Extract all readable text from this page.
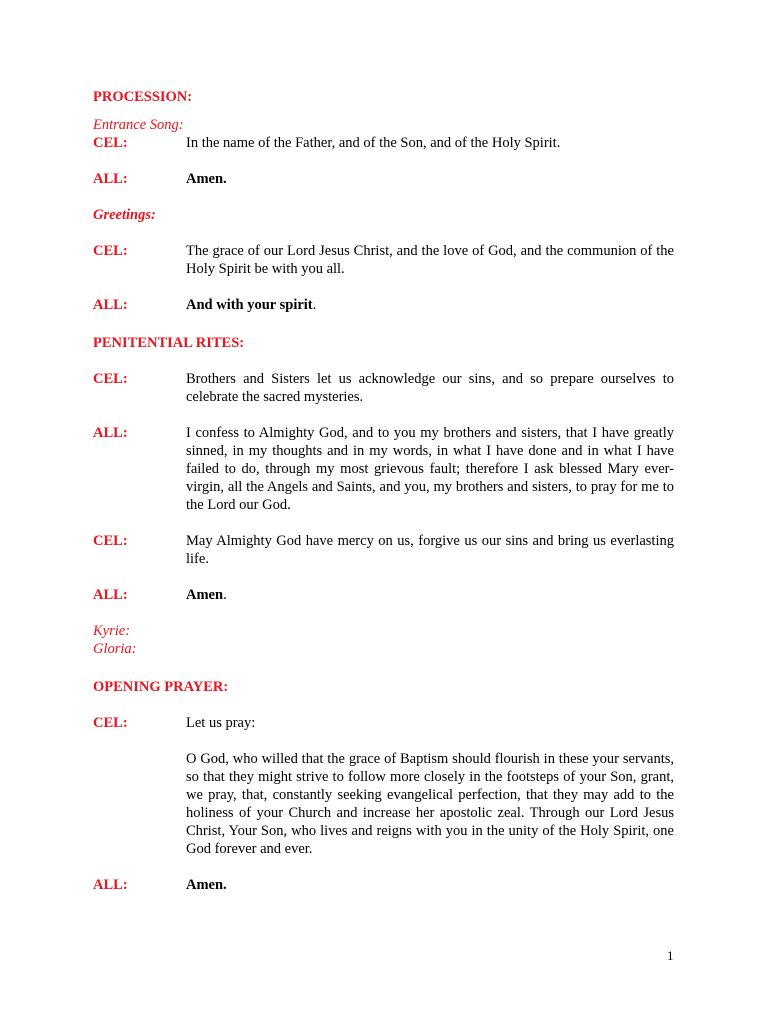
PROCESSION:
Entrance Song:
CEL:	In the name of the Father, and of the Son, and of the Holy Spirit.
ALL:	Amen.
Greetings:
CEL:	The grace of our Lord Jesus Christ, and the love of God, and the communion of the Holy Spirit be with you all.
ALL:	And with your spirit.
PENITENTIAL RITES:
CEL:	Brothers and Sisters let us acknowledge our sins, and so prepare ourselves to celebrate the sacred mysteries.
ALL:	I confess to Almighty God, and to you my brothers and sisters, that I have greatly sinned, in my thoughts and in my words, in what I have done and in what I have failed to do, through my most grievous fault; therefore I ask blessed Mary ever-virgin, all the Angels and Saints, and you, my brothers and sisters, to pray for me to the Lord our God.
CEL:	May Almighty God have mercy on us, forgive us our sins and bring us everlasting life.
ALL:	Amen.
Kyrie:
Gloria:
OPENING PRAYER:
CEL:	Let us pray:
O God, who willed that the grace of Baptism should flourish in these your servants, so that they might strive to follow more closely in the footsteps of your Son, grant, we pray, that, constantly seeking evangelical perfection, that they may add to the holiness of your Church and increase her apostolic zeal. Through our Lord Jesus Christ, Your Son, who lives and reigns with you in the unity of the Holy Spirit, one God forever and ever.
ALL:	Amen.
1
